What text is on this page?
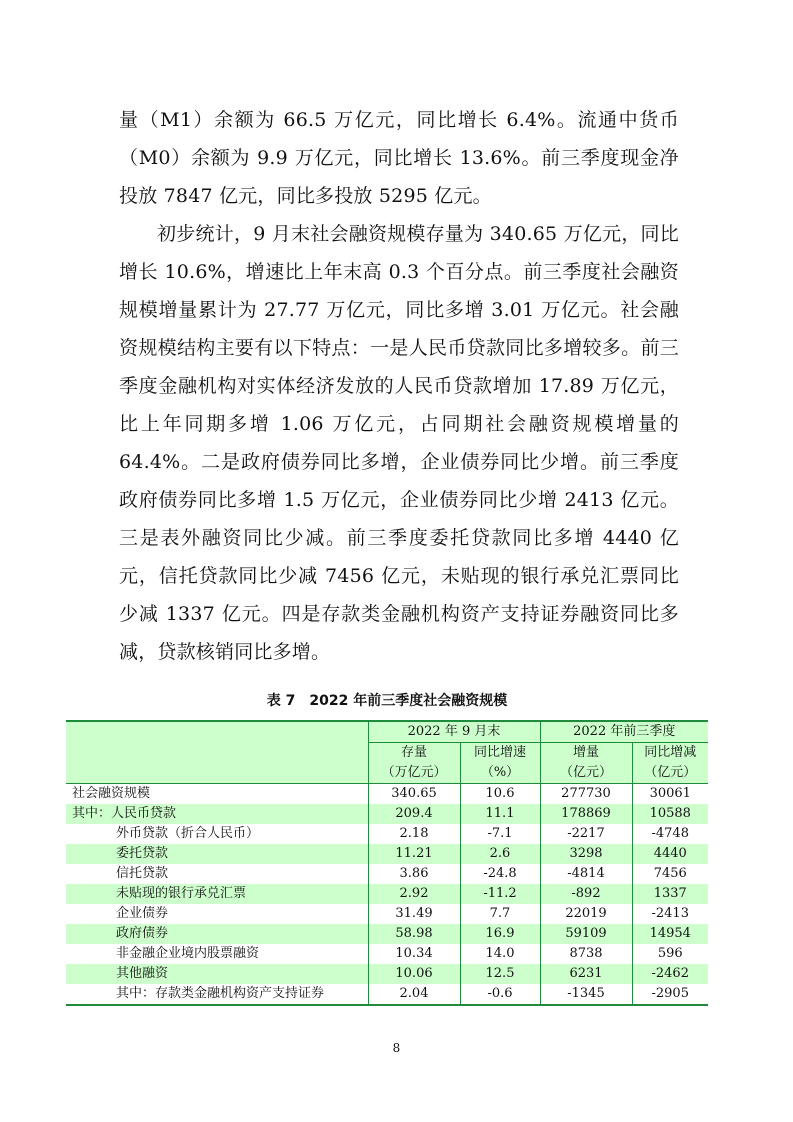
量（M1）余额为 66.5 万亿元，同比增长 6.4%。流通中货币（M0）余额为 9.9 万亿元，同比增长 13.6%。前三季度现金净投放 7847 亿元，同比多投放 5295 亿元。

初步统计，9 月末社会融资规模存量为 340.65 万亿元，同比增长 10.6%，增速比上年末高 0.3 个百分点。前三季度社会融资规模增量累计为 27.77 万亿元，同比多增 3.01 万亿元。社会融资规模结构主要有以下特点：一是人民币贷款同比多增较多。前三季度金融机构对实体经济发放的人民币贷款增加 17.89 万亿元，比上年同期多增 1.06 万亿元，占同期社会融资规模增量的 64.4%。二是政府债券同比多增，企业债券同比少增。前三季度政府债券同比多增 1.5 万亿元，企业债券同比少增 2413 亿元。三是表外融资同比少减。前三季度委托贷款同比多增 4440 亿元，信托贷款同比少减 7456 亿元，未贴现的银行承兑汇票同比少减 1337 亿元。四是存款类金融机构资产支持证券融资同比多减，贷款核销同比多增。

表 7　2022 年前三季度社会融资规模
	2022 年 9 月末		2022 年前三季度	
	存量	同比增速	增量	同比增减
	（万亿元）	（%）	（亿元）	（亿元）
社会融资规模	340.65	10.6	277730	30061
其中：人民币贷款	209.4	11.1	178869	10588
外币贷款（折合人民币）	2.18	-7.1	-2217	-4748
委托贷款	11.21	2.6	3298	4440
信托贷款	3.86	-24.8	-4814	7456
未贴现的银行承兑汇票	2.92	-11.2	-892	1337
企业债券	31.49	7.7	22019	-2413
政府债券	58.98	16.9	59109	14954
非金融企业境内股票融资	10.34	14.0	8738	596
其他融资	10.06	12.5	6231	-2462
其中：存款类金融机构资产支持证券	2.04	-0.6	-1345	-2905
8
